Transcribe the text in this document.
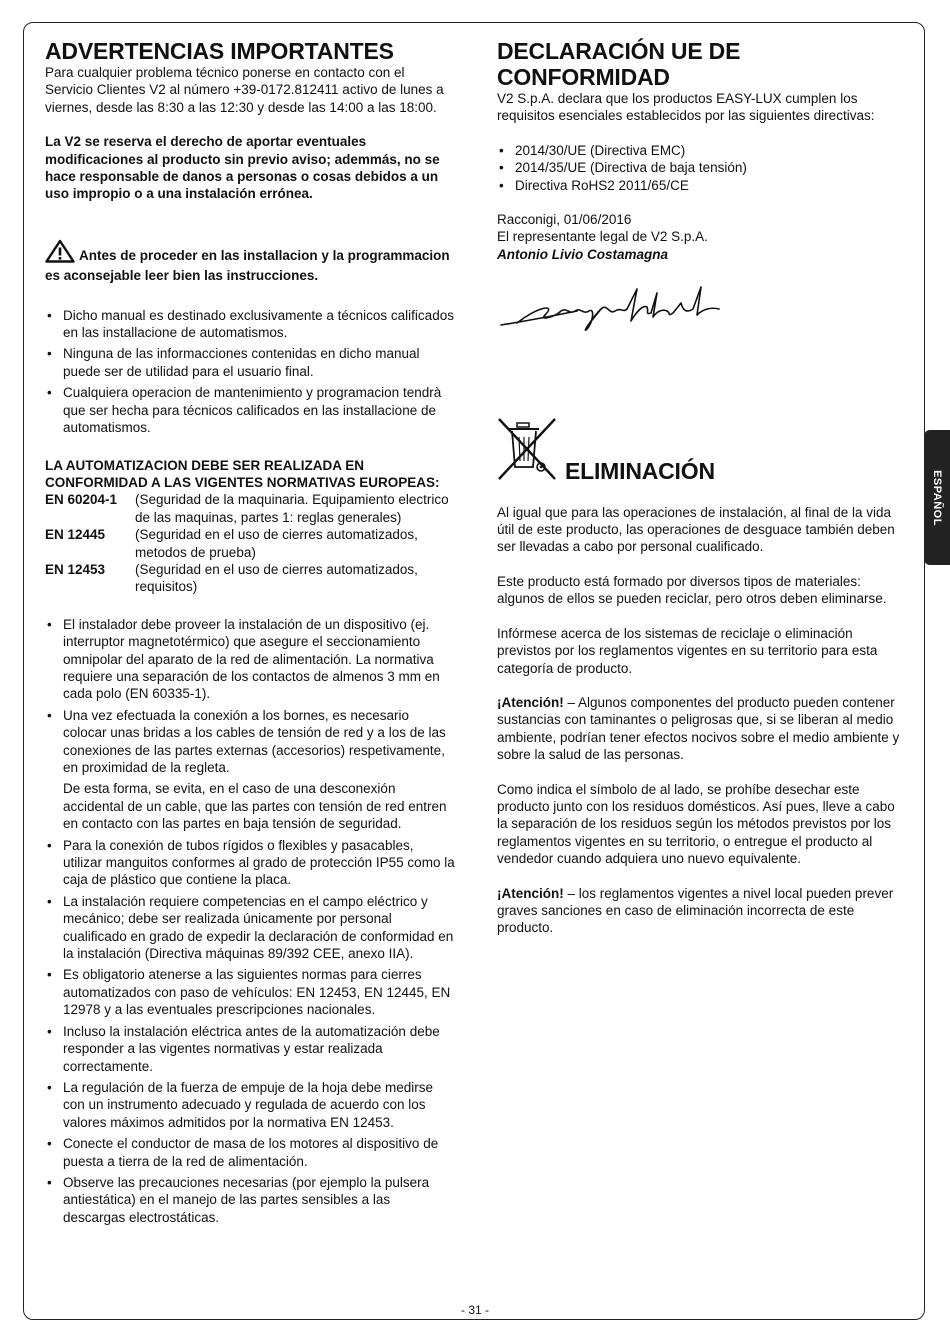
ESPAÑOL
ADVERTENCIAS IMPORTANTES

Para cualquier problema técnico ponerse en contacto con el Servicio Clientes V2 al número +39-0172.812411 activo de lunes a viernes, desde las 8:30 a las 12:30 y desde las 14:00 a las 18:00.

La V2 se reserva el derecho de aportar eventuales modificaciones al producto sin previo aviso; ademmás, no se hace responsable de danos a personas o cosas debidos a un uso impropio o a una instalación errónea.

Antes de proceder en las installacion y la programmacion es aconsejable leer bien las instrucciones.

• Dicho manual es destinado exclusivamente a técnicos calificados en las installacione de automatismos.
• Ninguna de las informacciones contenidas en dicho manual puede ser de utilidad para el usuario final.
• Cualquiera operacion de mantenimiento y programacion tendrà que ser hecha para técnicos calificados en las installacione de automatismos.

LA AUTOMATIZACION DEBE SER REALIZADA EN CONFORMIDAD A LAS VIGENTES NORMATIVAS EUROPEAS:

EN 60204-1	(Seguridad de la maquinaria. Equipamiento electrico de las maquinas, partes 1: reglas generales)
EN 12445	(Seguridad en el uso de cierres automatizados, metodos de prueba)
EN 12453	(Seguridad en el uso de cierres automatizados, requisitos)
• El instalador debe proveer la instalación de un dispositivo (ej. interruptor magnetotérmico) que asegure el seccionamiento omnipolar del aparato de la red de alimentación. La normativa requiere una separación de los contactos de almenos 3 mm en cada polo (EN 60335-1).
• Una vez efectuada la conexión a los bornes, es necesario colocar unas bridas a los cables de tensión de red y a los de las conexiones de las partes externas (accesorios) respetivamente, en proximidad de la regleta.

De esta forma, se evita, en el caso de una desconexión accidental de un cable, que las partes con tensión de red entren en contacto con las partes en baja tensión de seguridad.

• Para la conexión de tubos rígidos o flexibles y pasacables, utilizar manguitos conformes al grado de protección IP55 como la caja de plástico que contiene la placa.
• La instalación requiere competencias en el campo eléctrico y mecánico; debe ser realizada únicamente por personal cualificado en grado de expedir la declaración de conformidad en la instalación (Directiva máquinas 89/392 CEE, anexo IIA).
• Es obligatorio atenerse a las siguientes normas para cierres automatizados con paso de vehículos: EN 12453, EN 12445, EN 12978 y a las eventuales prescripciones nacionales.
• Incluso la instalación eléctrica antes de la automatización debe responder a las vigentes normativas y estar realizada correctamente.
• La regulación de la fuerza de empuje de la hoja debe medirse con un instrumento adecuado y regulada de acuerdo con los valores máximos admitidos por la normativa EN 12453.
• Conecte el conductor de masa de los motores al dispositivo de puesta a tierra de la red de alimentación.
• Observe las precauciones necesarias (por ejemplo la pulsera antiestática) en el manejo de las partes sensibles a las descargas electrostáticas.
DECLARACIÓN UE DE CONFORMIDAD

V2 S.p.A. declara que los productos EASY-LUX cumplen los requisitos esenciales establecidos por las siguientes directivas:

• 2014/30/UE (Directiva EMC)
• 2014/35/UE (Directiva de baja tensión)
• Directiva RoHS2 2011/65/CE

Racconigi, 01/06/2016

El representante legal de V2 S.p.A.

Antonio Livio Costamagna

ELIMINACIÓN

Al igual que para las operaciones de instalación, al final de la vida útil de este producto, las operaciones de desguace también deben ser llevadas a cabo por personal cualificado.

Este producto está formado por diversos tipos de materiales: algunos de ellos se pueden reciclar, pero otros deben eliminarse.

Infórmese acerca de los sistemas de reciclaje o eliminación previstos por los reglamentos vigentes en su territorio para esta categoría de producto.

¡Atención! – Algunos componentes del producto pueden contener sustancias con taminantes o peligrosas que, si se liberan al medio ambiente, podrían tener efectos nocivos sobre el medio ambiente y sobre la salud de las personas.

Como indica el símbolo de al lado, se prohíbe desechar este producto junto con los residuos domésticos. Así pues, lleve a cabo la separación de los residuos según los métodos previstos por los reglamentos vigentes en su territorio, o entregue el producto al vendedor cuando adquiera uno nuevo equivalente.

¡Atención! – los reglamentos vigentes a nivel local pueden prever graves sanciones en caso de eliminación incorrecta de este producto.

- 31 -
